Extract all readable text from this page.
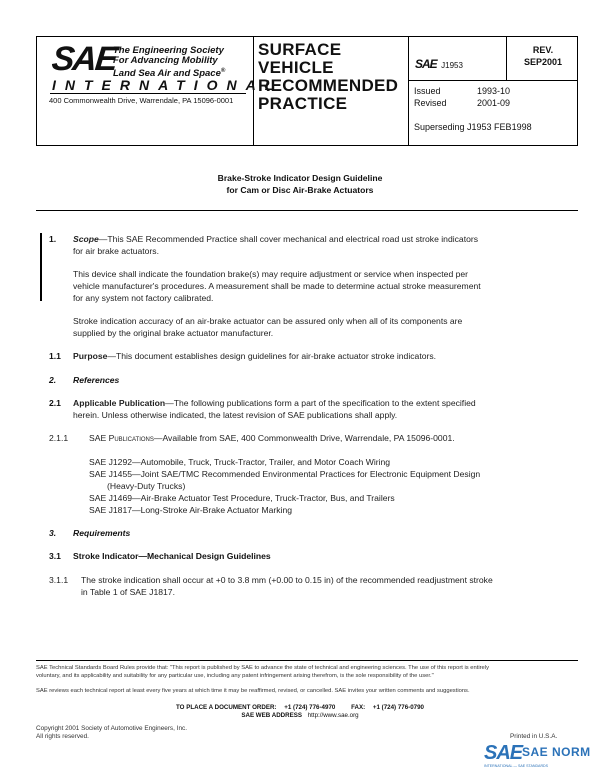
SAE
The Engineering Society
For Advancing Mobility
Land Sea Air and Space®
INTERNATIONAL
400 Commonwealth Drive, Warrendale, PA 15096-0001
SURFACE
VEHICLE
RECOMMENDED
PRACTICE
SAE J1953
REV.
SEP2001
Issued	1993-10
Revised	2001-09
Superseding J1953 FEB1998
Brake-Stroke Indicator Design Guideline
for Cam or Disc Air-Brake Actuators
1. Scope—This SAE Recommended Practice shall cover mechanical and electrical road ust stroke indicators
for air brake actuators.
This device shall indicate the foundation brake(s) may require adjustment or service when inspected per
vehicle manufacturer's procedures. A measurement shall be made to determine actual stroke measurement
for any system not factory calibrated.
Stroke indication accuracy of an air-brake actuator can be assured only when all of its components are
supplied by the original brake actuator manufacturer.
1.1 Purpose—This document establishes design guidelines for air-brake actuator stroke indicators.
2. References
2.1 Applicable Publication—The following publications form a part of the specification to the extent specified
herein. Unless otherwise indicated, the latest revision of SAE publications shall apply.
2.1.1 SAE Publications—Available from SAE, 400 Commonwealth Drive, Warrendale, PA 15096-0001.
SAE J1292—Automobile, Truck, Truck-Tractor, Trailer, and Motor Coach Wiring
SAE J1455—Joint SAE/TMC Recommended Environmental Practices for Electronic Equipment Design
(Heavy-Duty Trucks)
SAE J1469—Air-Brake Actuator Test Procedure, Truck-Tractor, Bus, and Trailers
SAE J1817—Long-Stroke Air-Brake Actuator Marking
3. Requirements
3.1 Stroke Indicator—Mechanical Design Guidelines
3.1.1 The stroke indication shall occur at +0 to 3.8 mm (+0.00 to 0.15 in) of the recommended readjustment stroke
in Table 1 of SAE J1817.
SAE Technical Standards Board Rules provide that: "This report is published by SAE to advance the state of technical and engineering sciences. The use of this report is entirely
voluntary, and its applicability and suitability for any particular use, including any patent infringement arising therefrom, is the sole responsibility of the user."
SAE reviews each technical report at least every five years at which time it may be reaffirmed, revised, or cancelled. SAE invites your written comments and suggestions.
TO PLACE A DOCUMENT ORDER: +1 (724) 776-4970	FAX: +1 (724) 776-0790
SAE WEB ADDRESS http://www.sae.org
Copyright 2001 Society of Automotive Engineers, Inc.
All rights reserved.	Printed in U.S.A.
SAE SAE NORM
INTERNATIONAL — SAE STANDARDS
